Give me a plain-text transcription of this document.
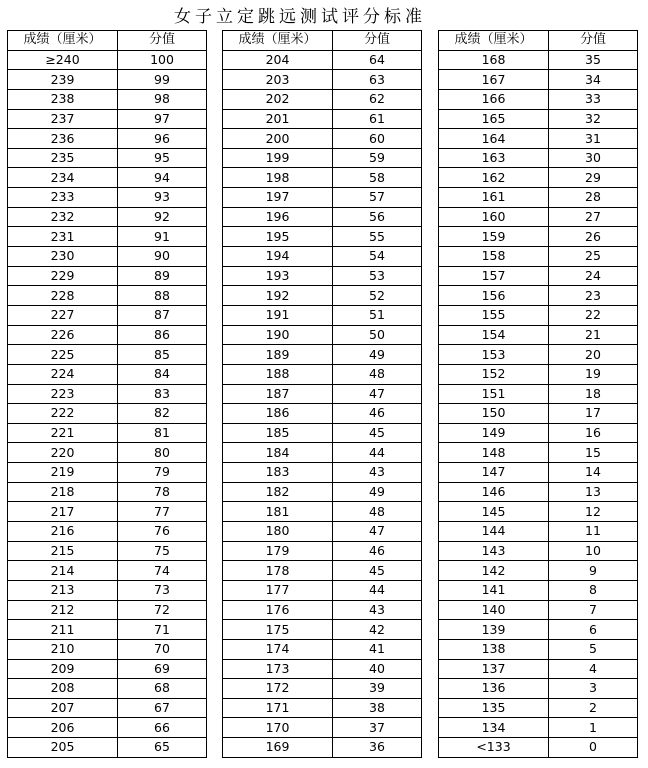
女子立定跳远测试评分标准
成绩（厘米）	分值
≥240	100
239	99
238	98
237	97
236	96
235	95
234	94
233	93
232	92
231	91
230	90
229	89
228	88
227	87
226	86
225	85
224	84
223	83
222	82
221	81
220	80
219	79
218	78
217	77
216	76
215	75
214	74
213	73
212	72
211	71
210	70
209	69
208	68
207	67
206	66
205	65
成绩（厘米）	分值
204	64
203	63
202	62
201	61
200	60
199	59
198	58
197	57
196	56
195	55
194	54
193	53
192	52
191	51
190	50
189	49
188	48
187	47
186	46
185	45
184	44
183	43
182	49
181	48
180	47
179	46
178	45
177	44
176	43
175	42
174	41
173	40
172	39
171	38
170	37
169	36
成绩（厘米）	分值
168	35
167	34
166	33
165	32
164	31
163	30
162	29
161	28
160	27
159	26
158	25
157	24
156	23
155	22
154	21
153	20
152	19
151	18
150	17
149	16
148	15
147	14
146	13
145	12
144	11
143	10
142	9
141	8
140	7
139	6
138	5
137	4
136	3
135	2
134	1
<133	0
